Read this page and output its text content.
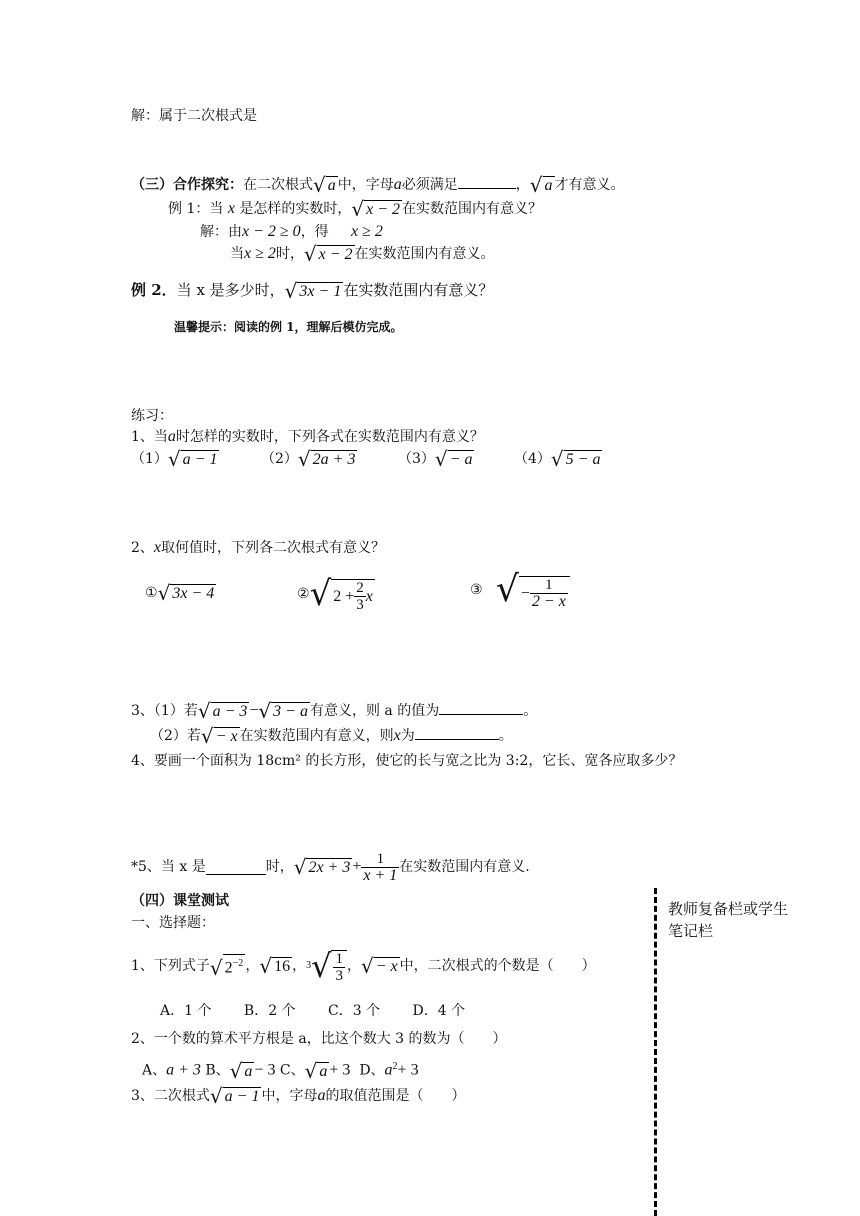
解：属于二次根式是
（三）合作探究：在二次根式 √ a 中，字母a必须满足	， √ a 才有意义。
例 1：当 x 是怎样的实数时， √ x − 2 在实数范围内有意义？
解：由x − 2 ≥ 0，得 x ≥ 2
当x ≥ 2时， √ x − 2 在实数范围内有意义。
例 2．当 x 是多少时， √ 3x − 1 在实数范围内有意义？
温馨提示：阅读的例 1，理解后模仿完成。
练习：
1、当a时怎样的实数时，下列各式在实数范围内有意义？
（1） √ a − 1	（2） √ 2a + 3	（3） √ − a	（4） √ 5 − a
2、x取何值时，下列各二次根式有意义？
① √ 3x − 4	② √ $2 + \frac{2}{3}$ x	③
√ − $\frac{1}{2 - x}$
3、（1）若 √ a − 3 − √ 3 − a 有意义，则 a 的值为	。
（2）若 √ − x 在实数范围内有意义，则x为	。
4、要画一个面积为 18cm² 的长方形，使它的长与宽之比为 3:2，它长、宽各应取多少？
*5、当 x 是	时， √ $2x + 3 + \frac{1}{x + 1}$ 在实数范围内有意义.
（四）课堂测试
一、选择题：
1、下列式子 √ $2^{-2}$ ， √ 16 ， 3 √ $\frac{1}{3}$ ， √ − x 中，二次根式的个数是（　　）
A．1 个　　 B．2 个　　 C．3 个　　 D．4 个
2、一个数的算术平方根是 a，比这个数大 3 的数为（　　）
A、a + 3 B、 √ a − 3 C、 √ a + 3 D、$a^2+ 3$
3、二次根式 √ a − 1 中，字母a的取值范围是（　　）
教师复备栏或学生笔记栏
